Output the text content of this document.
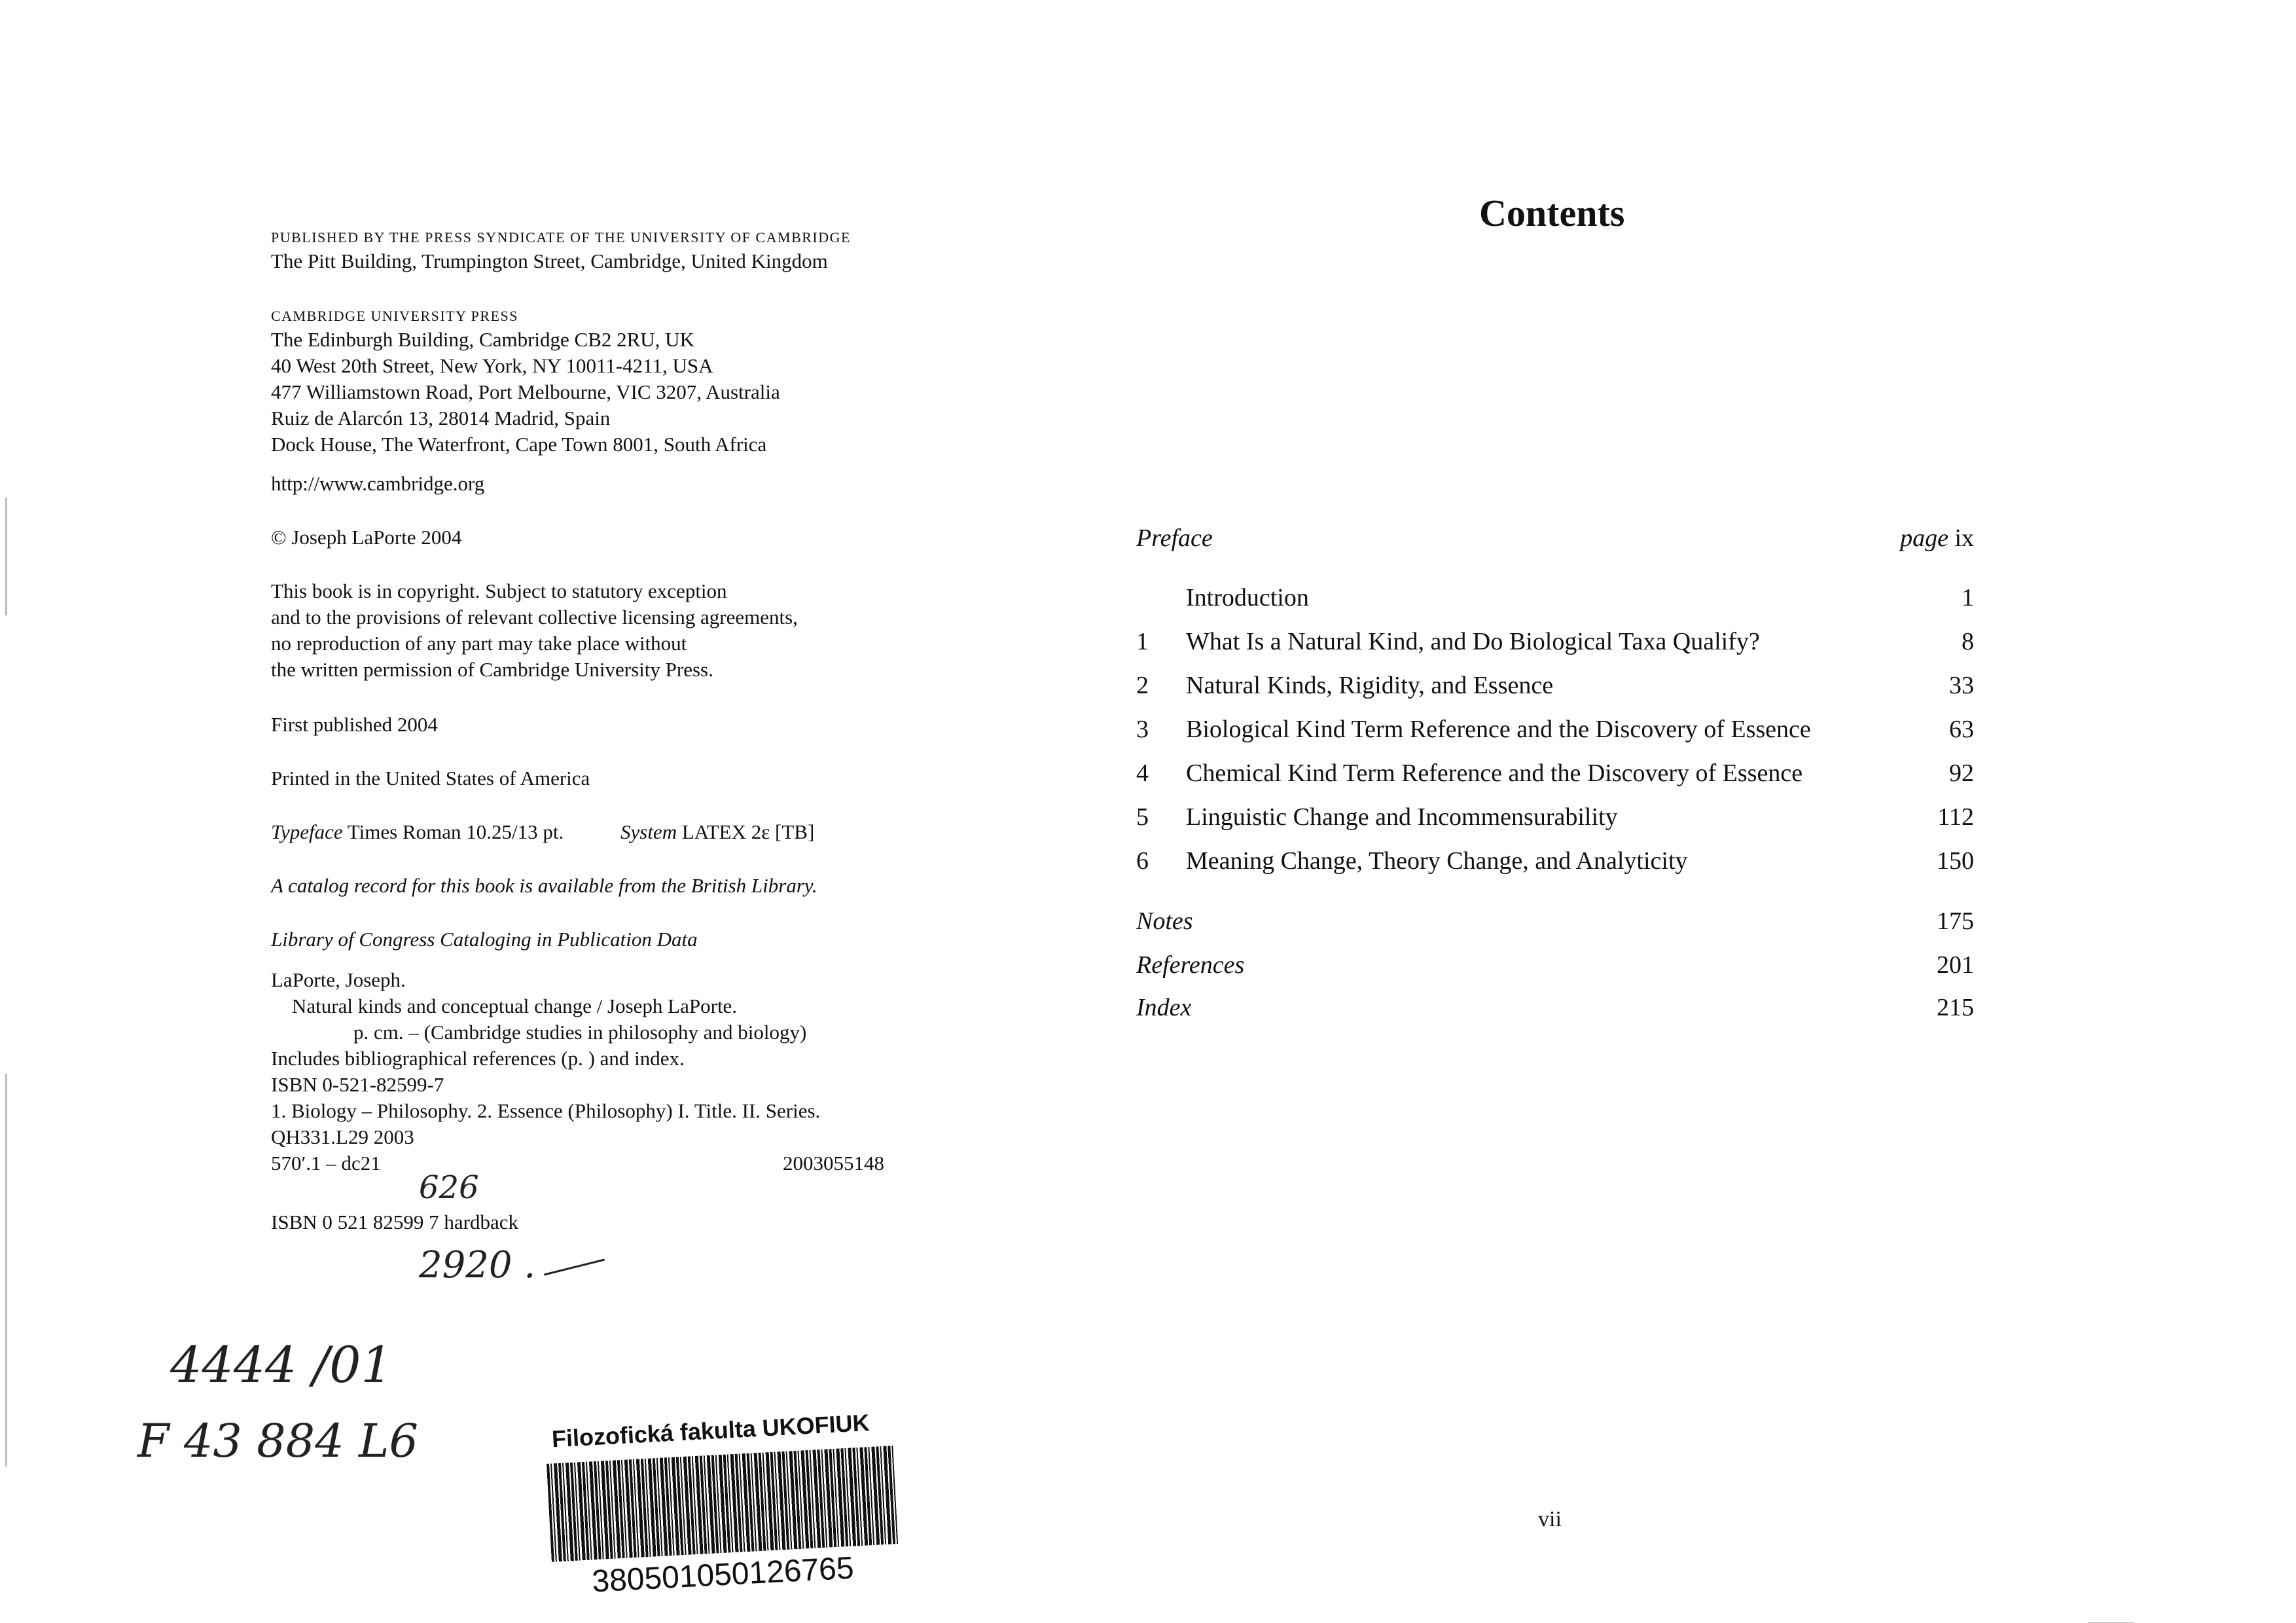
PUBLISHED BY THE PRESS SYNDICATE OF THE UNIVERSITY OF CAMBRIDGE
The Pitt Building, Trumpington Street, Cambridge, United Kingdom
CAMBRIDGE UNIVERSITY PRESS
The Edinburgh Building, Cambridge CB2 2RU, UK
40 West 20th Street, New York, NY 10011-4211, USA
477 Williamstown Road, Port Melbourne, VIC 3207, Australia
Ruiz de Alarcón 13, 28014 Madrid, Spain
Dock House, The Waterfront, Cape Town 8001, South Africa
http://www.cambridge.org
© Joseph LaPorte 2004
This book is in copyright. Subject to statutory exception
and to the provisions of relevant collective licensing agreements,
no reproduction of any part may take place without
the written permission of Cambridge University Press.
First published 2004
Printed in the United States of America
Typeface Times Roman 10.25/13 pt.	System LATEX 2ε [TB]
A catalog record for this book is available from the British Library.
Library of Congress Cataloging in Publication Data
LaPorte, Joseph.
Natural kinds and conceptual change / Joseph LaPorte.
p. cm. – (Cambridge studies in philosophy and biology)
Includes bibliographical references (p. ) and index.
ISBN 0-521-82599-7
1. Biology – Philosophy. 2. Essence (Philosophy) I. Title. II. Series.
QH331.L29 2003
570′.1 – dc21	2003055148
ISBN 0 521 82599 7 hardback
626
2920 .
4444 /01
F 43 884 L6	Filozofická fakulta UKOFIUK
380501050126765
Contents
Preface	page ix
Introduction	1
1 What Is a Natural Kind, and Do Biological Taxa Qualify?	8
2 Natural Kinds, Rigidity, and Essence	33
3 Biological Kind Term Reference and the Discovery of Essence	63
4 Chemical Kind Term Reference and the Discovery of Essence	92
5 Linguistic Change and Incommensurability	112
6 Meaning Change, Theory Change, and Analyticity	150
Notes	175
References	201
Index	215
vii
